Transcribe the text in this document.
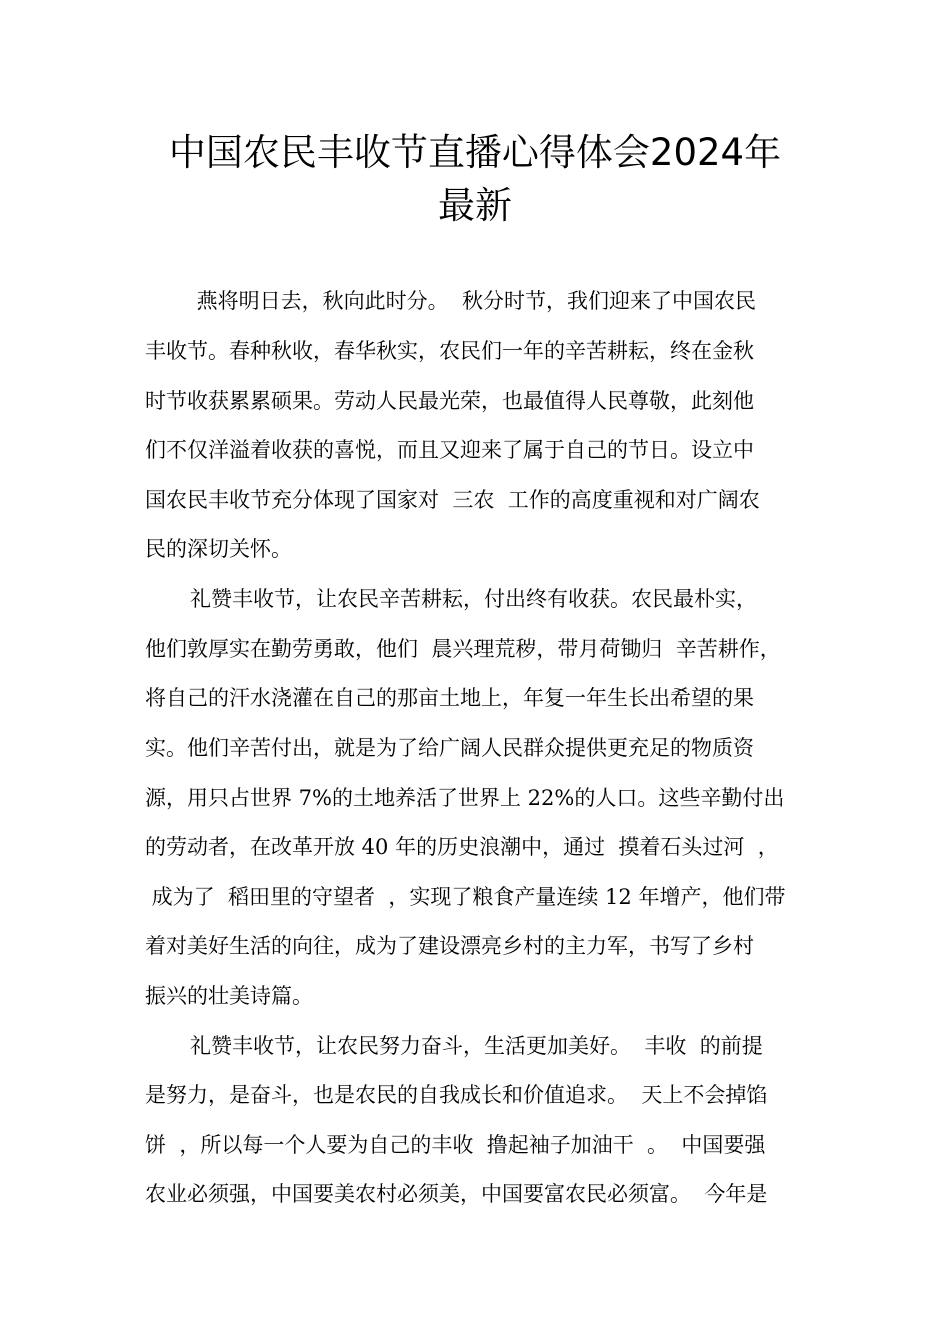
中国农民丰收节直播心得体会2024年
最新
燕将明日去，秋向此时分。  秋分时节，我们迎来了中国农民
丰收节。春种秋收，春华秋实，农民们一年的辛苦耕耘，终在金秋
时节收获累累硕果。劳动人民最光荣，也最值得人民尊敬，此刻他
们不仅洋溢着收获的喜悦，而且又迎来了属于自己的节日。设立中
国农民丰收节充分体现了国家对  三农  工作的高度重视和对广阔农
民的深切关怀。
礼赞丰收节，让农民辛苦耕耘，付出终有收获。农民最朴实，
他们敦厚实在勤劳勇敢，他们  晨兴理荒秽，带月荷锄归  辛苦耕作，
将自己的汗水浇灌在自己的那亩土地上，年复一年生长出希望的果
实。他们辛苦付出，就是为了给广阔人民群众提供更充足的物质资
源，用只占世界 7%的土地养活了世界上 22%的人口。这些辛勤付出
的劳动者，在改革开放 40 年的历史浪潮中，通过  摸着石头过河  ，
成为了  稻田里的守望者  ，实现了粮食产量连续 12 年增产，他们带
着对美好生活的向往，成为了建设漂亮乡村的主力军，书写了乡村
振兴的壮美诗篇。
礼赞丰收节，让农民努力奋斗，生活更加美好。  丰收  的前提
是努力，是奋斗，也是农民的自我成长和价值追求。  天上不会掉馅
饼  ，所以每一个人要为自己的丰收  撸起袖子加油干  。  中国要强
农业必须强，中国要美农村必须美，中国要富农民必须富。  今年是
